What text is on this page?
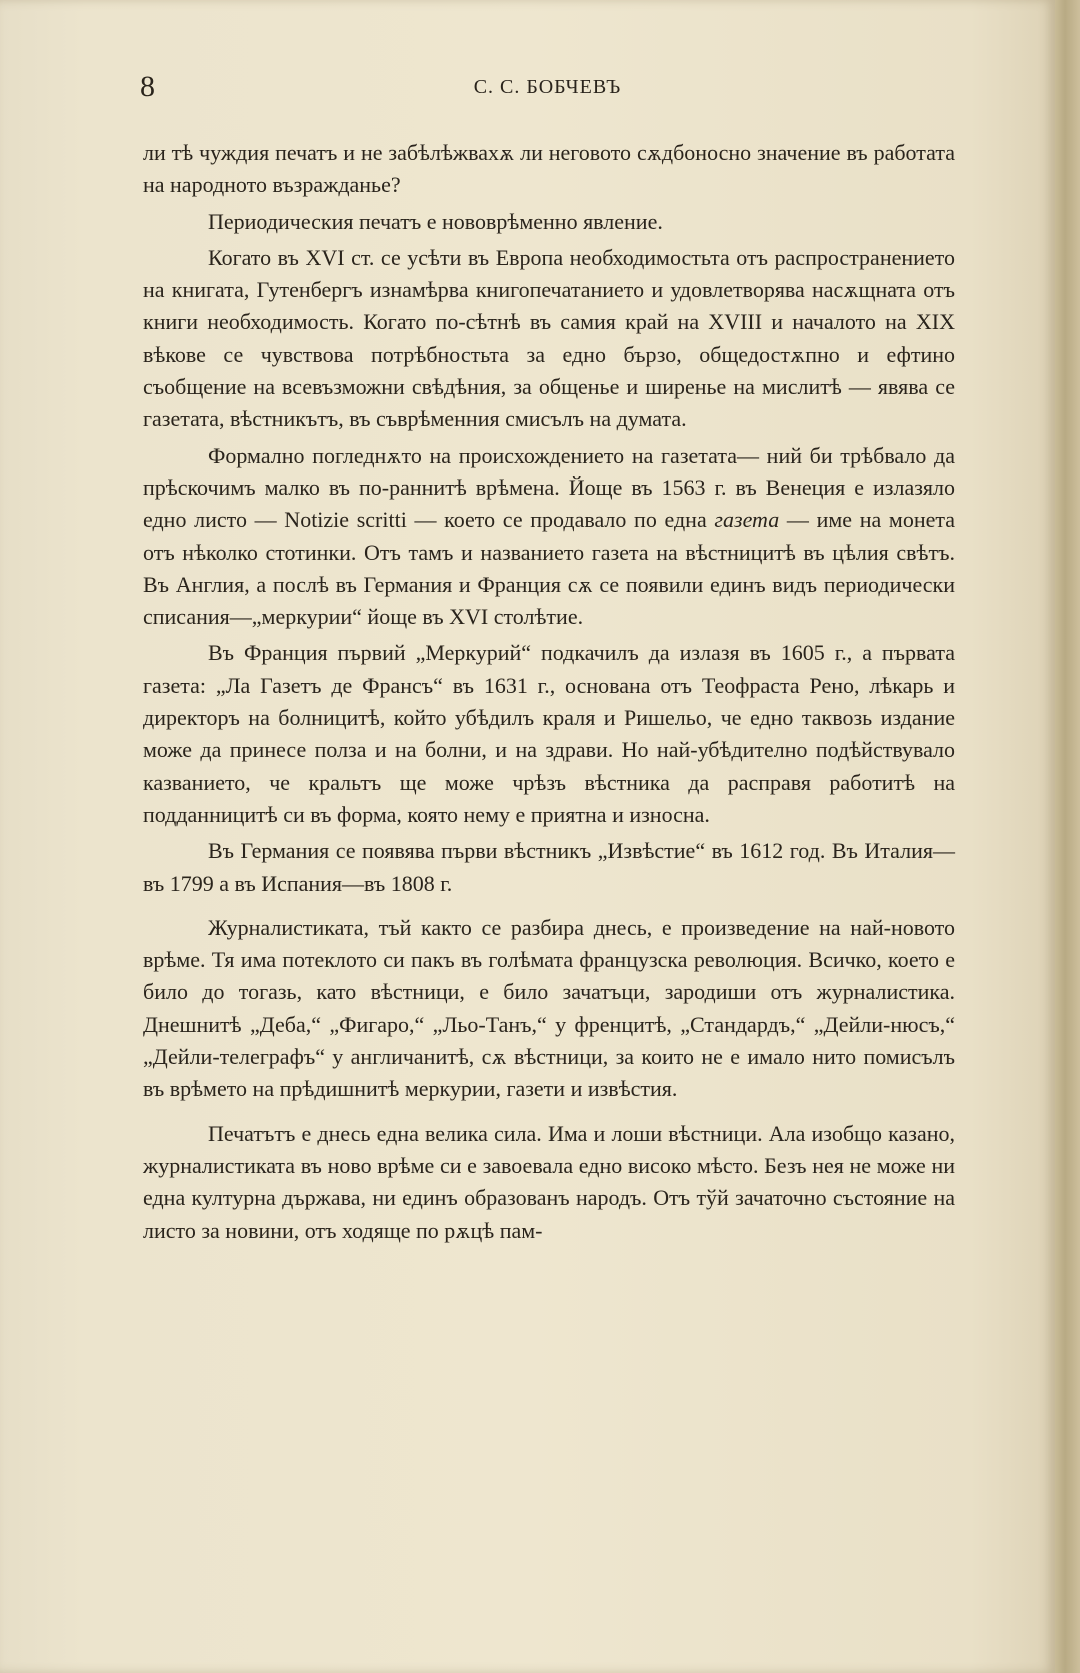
8	С. С. БОБЧЕВЪ

ли тѣ чуждия печатъ и не забѣлѣжвахѫ ли неговото сѫдбоносно значение въ работата на народното възражданье?

Периодическия печатъ е нововрѣменно явление.

Когато въ XVI ст. се усѣти въ Европа необходимостьта отъ распространението на книгата, Гутенбергъ изнамѣрва книгопечатанието и удовлетворява насѫщната отъ книги необходимость. Когато по-сѣтнѣ въ самия край на XVIII и началото на XIX вѣкове се чувствова потрѣбностьта за едно бързо, общедостѫпно и ефтино съобщение на всевъзможни свѣдѣния, за общенье и ширенье на мислитѣ — явява се газетата, вѣстникътъ, въ съврѣменния смисълъ на думата.

Формално погледнѫто на происхождението на газетата— ний би трѣбвало да прѣскочимъ малко въ по-раннитѣ врѣмена. Йоще въ 1563 г. въ Венеция е излазяло едно листо — Notizie scritti — което се продавало по една газета — име на монета отъ нѣколко стотинки. Отъ тамъ и названието газета на вѣстницитѣ въ цѣлия свѣтъ. Въ Англия, а послѣ въ Германия и Франция сѫ се появили единъ видъ периодически списания—„меркурии“ йоще въ XVI столѣтие.

Въ Франция първий „Меркурий“ подкачилъ да излазя въ 1605 г., а първата газета: „Ла Газетъ де Франсъ“ въ 1631 г., основана отъ Теофраста Рено, лѣкарь и директоръ на болницитѣ, който убѣдилъ краля и Ришельо, че едно таквозь издание може да принесе полза и на болни, и на здрави. Но най-убѣдително подѣйствувало казванието, че кральтъ ще може чрѣзъ вѣстника да расправя работитѣ на подданницитѣ си въ форма, която нему е приятна и износна.

Въ Германия се появява първи вѣстникъ „Извѣстие“ въ 1612 год. Въ Италия—въ 1799 а въ Испания—въ 1808 г.

Журналистиката, тъй както се разбира днесь, е произведение на най-новото врѣме. Тя има потеклото си пакъ въ голѣмата французска революция. Всичко, което е било до тогазь, като вѣстници, е било зачатъци, зародиши отъ журналистика. Днешнитѣ „Деба,“ „Фигаро,“ „Льо-Танъ,“ у френцитѣ, „Стандардъ,“ „Дейли-нюсъ,“ „Дейли-телеграфъ“ у англичанитѣ, сѫ вѣстници, за които не е имало нито помисълъ въ врѣмето на прѣдишнитѣ меркурии, газети и извѣстия.

Печатътъ е днесь една велика сила. Има и лоши вѣстници. Ала изобщо казано, журналистиката въ ново врѣме си е завоевала едно високо мѣсто. Безъ нея не може ни една културна държава, ни единъ образованъ народъ. Отъ тўй зачаточно състояние на листо за новини, отъ ходяще по рѫцѣ пам-
